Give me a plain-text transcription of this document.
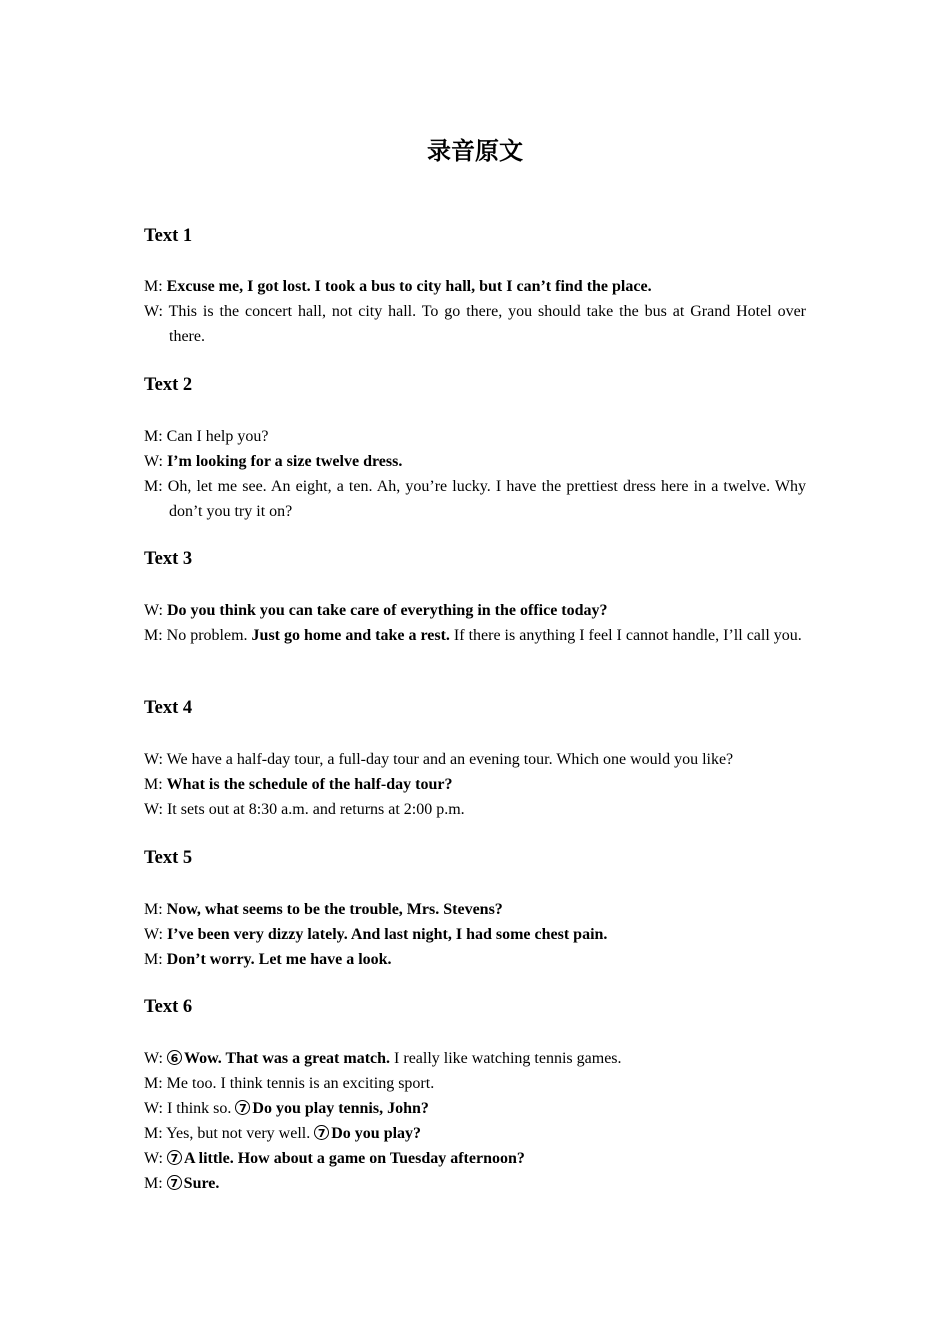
录音原文
Text 1
M: Excuse me, I got lost. I took a bus to city hall, but I can’t find the place.
W: This is the concert hall, not city hall. To go there, you should take the bus at Grand Hotel over there.
Text 2
M: Can I help you?
W: I’m looking for a size twelve dress.
M: Oh, let me see. An eight, a ten. Ah, you’re lucky. I have the prettiest dress here in a twelve. Why don’t you try it on?
Text 3
W: Do you think you can take care of everything in the office today?
M: No problem. Just go home and take a rest. If there is anything I feel I cannot handle, I’ll call you.
Text 4
W: We have a half-day tour, a full-day tour and an evening tour. Which one would you like?
M: What is the schedule of the half-day tour?
W: It sets out at 8:30 a.m. and returns at 2:00 p.m.
Text 5
M: Now, what seems to be the trouble, Mrs. Stevens?
W: I’ve been very dizzy lately. And last night, I had some chest pain.
M: Don’t worry. Let me have a look.
Text 6
W: 6 Wow. That was a great match. I really like watching tennis games.
M: Me too. I think tennis is an exciting sport.
W: I think so. 7 Do you play tennis, John?
M: Yes, but not very well. 7 Do you play?
W: 7 A little. How about a game on Tuesday afternoon?
M: 7 Sure.
